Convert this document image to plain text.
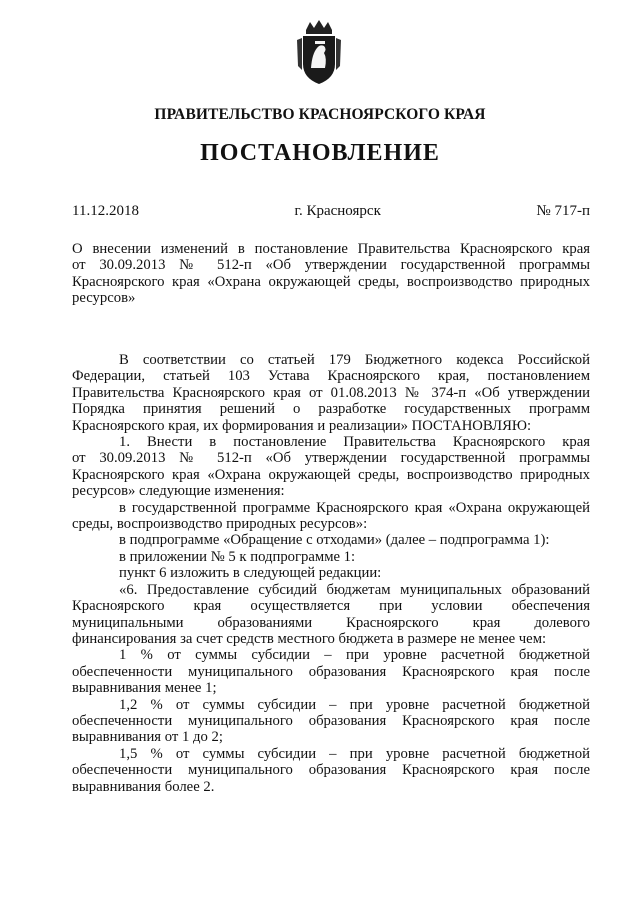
ПРАВИТЕЛЬСТВО КРАСНОЯРСКОГО КРАЯ
ПОСТАНОВЛЕНИЕ
11.12.2018	г. Красноярск	№ 717-п

О внесении изменений в постановление Правительства Красноярского края

от 30.09.2013 № 512-п «Об утверждении государственной программы

Красноярского края «Охрана окружающей среды, воспроизводство природных

ресурсов»

В соответствии со статьей 179 Бюджетного кодекса Российской

Федерации, статьей 103 Устава Красноярского края, постановлением

Правительства Красноярского края от 01.08.2013 № 374-п «Об утверждении

Порядка принятия решений о разработке государственных программ

Красноярского края, их формирования и реализации» ПОСТАНОВЛЯЮ:

1. Внести в постановление Правительства Красноярского края

от 30.09.2013 № 512-п «Об утверждении государственной программы

Красноярского края «Охрана окружающей среды, воспроизводство природных

ресурсов» следующие изменения:

в государственной программе Красноярского края «Охрана окружающей

среды, воспроизводство природных ресурсов»:

в подпрограмме «Обращение с отходами» (далее – подпрограмма 1):

в приложении № 5 к подпрограмме 1:

пункт 6 изложить в следующей редакции:

«6. Предоставление субсидий бюджетам муниципальных образований

Красноярского края осуществляется при условии обеспечения

муниципальными образованиями Красноярского края долевого

финансирования за счет средств местного бюджета в размере не менее чем:

1 % от суммы субсидии – при уровне расчетной бюджетной

обеспеченности муниципального образования Красноярского края после

выравнивания менее 1;

1,2 % от суммы субсидии – при уровне расчетной бюджетной

обеспеченности муниципального образования Красноярского края после

выравнивания от 1 до 2;

1,5 % от суммы субсидии – при уровне расчетной бюджетной

обеспеченности муниципального образования Красноярского края после

выравнивания более 2.
